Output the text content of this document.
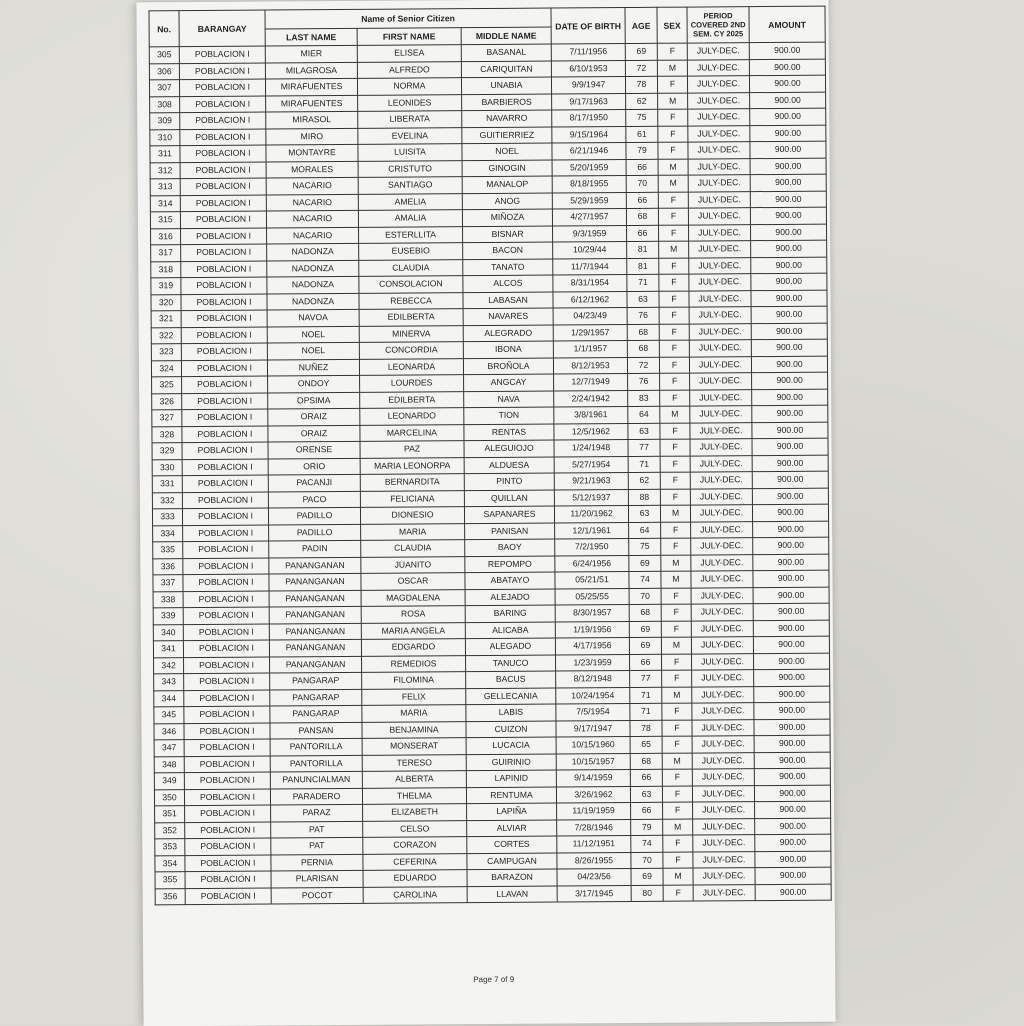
No.	BARANGAY	Name of Senior Citizen			DATE OF BIRTH	AGE	SEX	PERIOD COVERED 2ND SEM. CY 2025	AMOUNT
		LAST NAME	FIRST NAME	MIDDLE NAME					
305	POBLACION I	MIER	ELISEA	BASANAL	7/11/1956	69	F	JULY-DEC.	900.00
306	POBLACION I	MILAGROSA	ALFREDO	CARIQUITAN	6/10/1953	72	M	JULY-DEC.	900.00
307	POBLACION I	MIRAFUENTES	NORMA	UNABIA	9/9/1947	78	F	JULY-DEC.	900.00
308	POBLACION I	MIRAFUENTES	LEONIDES	BARBIEROS	9/17/1963	62	M	JULY-DEC.	900.00
309	POBLACION I	MIRASOL	LIBERATA	NAVARRO	8/17/1950	75	F	JULY-DEC.	900.00
310	POBLACION I	MIRO	EVELINA	GUITIERRIEZ	9/15/1964	61	F	JULY-DEC.	900.00
311	POBLACION I	MONTAYRE	LUISITA	NOEL	6/21/1946	79	F	JULY-DEC.	900.00
312	POBLACION I	MORALES	CRISTUTO	GINOGIN	5/20/1959	66	M	JULY-DEC.	900.00
313	POBLACION I	NACARIO	SANTIAGO	MANALOP	8/18/1955	70	M	JULY-DEC.	900.00
314	POBLACION I	NACARIO	AMELIA	ANOG	5/29/1959	66	F	JULY-DEC.	900.00
315	POBLACION I	NACARIO	AMALIA	MIÑOZA	4/27/1957	68	F	JULY-DEC.	900.00
316	POBLACION I	NACARIO	ESTERLLITA	BISNAR	9/3/1959	66	F	JULY-DEC.	900.00
317	POBLACION I	NADONZA	EUSEBIO	BACON	10/29/44	81	M	JULY-DEC.	900.00
318	POBLACION I	NADONZA	CLAUDIA	TANATO	11/7/1944	81	F	JULY-DEC.	900.00
319	POBLACION I	NADONZA	CONSOLACION	ALCOS	8/31/1954	71	F	JULY-DEC.	900.00
320	POBLACION I	NADONZA	REBECCA	LABASAN	6/12/1962	63	F	JULY-DEC.	900.00
321	POBLACION I	NAVOA	EDILBERTA	NAVARES	04/23/49	76	F	JULY-DEC.	900.00
322	POBLACION I	NOEL	MINERVA	ALEGRADO	1/29/1957	68	F	JULY-DEC.	900.00
323	POBLACION I	NOEL	CONCORDIA	IBONA	1/1/1957	68	F	JULY-DEC.	900.00
324	POBLACION I	NUÑEZ	LEONARDA	BROÑOLA	8/12/1953	72	F	JULY-DEC.	900.00
325	POBLACION I	ONDOY	LOURDES	ANGCAY	12/7/1949	76	F	JULY-DEC.	900.00
326	POBLACION I	OPSIMA	EDILBERTA	NAVA	2/24/1942	83	F	JULY-DEC.	900.00
327	POBLACION I	ORAIZ	LEONARDO	TION	3/8/1961	64	M	JULY-DEC.	900.00
328	POBLACION I	ORAIZ	MARCELINA	RENTAS	12/5/1962	63	F	JULY-DEC.	900.00
329	POBLACION I	ORENSE	PAZ	ALEGUIOJO	1/24/1948	77	F	JULY-DEC.	900.00
330	POBLACION I	ORIO	MARIA LEONORPA	ALDUESA	5/27/1954	71	F	JULY-DEC.	900.00
331	POBLACION I	PACANJI	BERNARDITA	PINTO	9/21/1963	62	F	JULY-DEC.	900.00
332	POBLACION I	PACO	FELICIANA	QUILLAN	5/12/1937	88	F	JULY-DEC.	900.00
333	POBLACION I	PADILLO	DIONESIO	SAPANARES	11/20/1962	63	M	JULY-DEC.	900.00
334	POBLACION I	PADILLO	MARIA	PANISAN	12/1/1961	64	F	JULY-DEC.	900.00
335	POBLACION I	PADIN	CLAUDIA	BAOY	7/2/1950	75	F	JULY-DEC.	900.00
336	POBLACION I	PANANGANAN	JUANITO	REPOMPO	6/24/1956	69	M	JULY-DEC.	900.00
337	POBLACION I	PANANGANAN	OSCAR	ABATAYO	05/21/51	74	M	JULY-DEC.	900.00
338	POBLACION I	PANANGANAN	MAGDALENA	ALEJADO	05/25/55	70	F	JULY-DEC.	900.00
339	POBLACION I	PANANGANAN	ROSA	BARING	8/30/1957	68	F	JULY-DEC.	900.00
340	POBLACION I	PANANGANAN	MARIA ANGELA	ALICABA	1/19/1956	69	F	JULY-DEC.	900.00
341	POBLACION I	PANANGANAN	EDGARDO	ALEGADO	4/17/1956	69	M	JULY-DEC.	900.00
342	POBLACION I	PANANGANAN	REMEDIOS	TANUCO	1/23/1959	66	F	JULY-DEC.	900.00
343	POBLACION I	PANGARAP	FILOMINA	BACUS	8/12/1948	77	F	JULY-DEC.	900.00
344	POBLACION I	PANGARAP	FELIX	GELLECANIA	10/24/1954	71	M	JULY-DEC.	900.00
345	POBLACION I	PANGARAP	MARIA	LABIS	7/5/1954	71	F	JULY-DEC.	900.00
346	POBLACION I	PANSAN	BENJAMINA	CUIZON	9/17/1947	78	F	JULY-DEC.	900.00
347	POBLACION I	PANTORILLA	MONSERAT	LUCACIA	10/15/1960	65	F	JULY-DEC.	900.00
348	POBLACION I	PANTORILLA	TERESO	GUIRINIO	10/15/1957	68	M	JULY-DEC.	900.00
349	POBLACION I	PANUNCIALMAN	ALBERTA	LAPINID	9/14/1959	66	F	JULY-DEC.	900.00
350	POBLACION I	PARADERO	THELMA	RENTUMA	3/26/1962	63	F	JULY-DEC.	900.00
351	POBLACION I	PARAZ	ELIZABETH	LAPIÑA	11/19/1959	66	F	JULY-DEC.	900.00
352	POBLACION I	PAT	CELSO	ALVIAR	7/28/1946	79	M	JULY-DEC.	900.00
353	POBLACION I	PAT	CORAZON	CORTES	11/12/1951	74	F	JULY-DEC.	900.00
354	POBLACION I	PERNIA	CEFERINA	CAMPUGAN	8/26/1955	70	F	JULY-DEC.	900.00
355	POBLACION I	PLARISAN	EDUARDO	BARAZON	04/23/56	69	M	JULY-DEC.	900.00
356	POBLACION I	POCOT	CAROLINA	LLAVAN	3/17/1945	80	F	JULY-DEC.	900.00
Page 7 of 9
